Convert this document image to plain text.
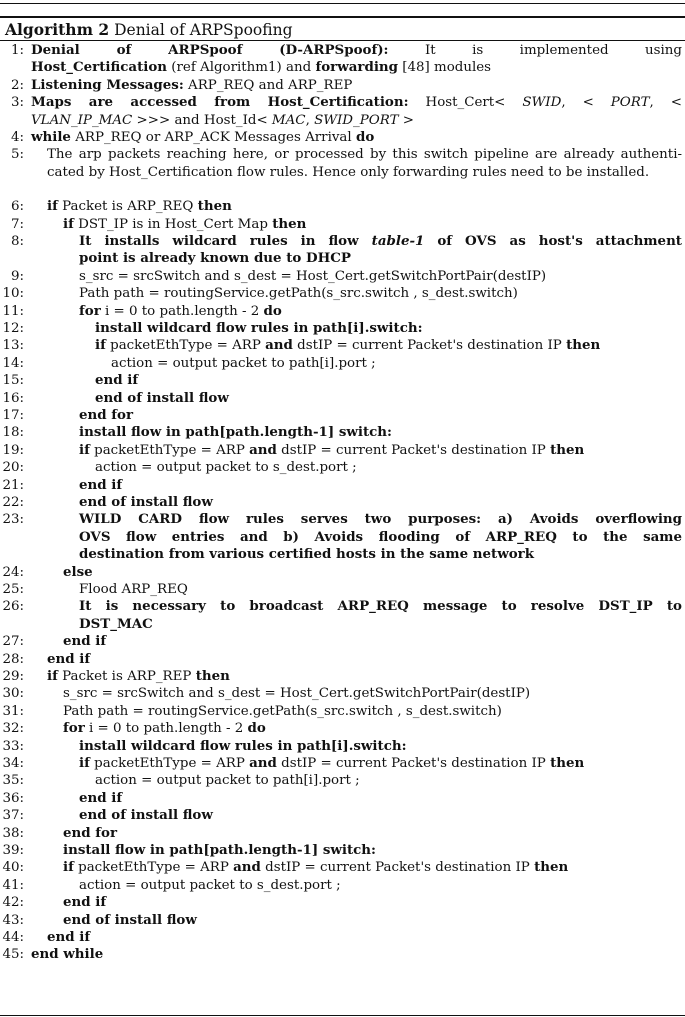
Algorithm 2 Denial of ARPSpoofing
1: Denial of ARPSpoof (D-ARPSpoof): It is implemented using
Host_Certification (ref Algorithm1) and forwarding [48] modules
2: Listening Messages: ARP_REQ and ARP_REP
3: Maps are accessed from Host_Certification: Host_Cert< SWID, < PORT, <
VLAN_IP_MAC >>> and Host_Id< MAC, SWID_PORT >
4: while ARP_REQ or ARP_ACK Messages Arrival do
5: The arp packets reaching here, or processed by this switch pipeline are already authenti-
cated by Host_Certification flow rules. Hence only forwarding rules need to be installed.
6: if Packet is ARP_REQ then
7:	if DST_IP is in Host_Cert Map then
8:	It installs wildcard rules in flow table-1 of OVS as host's attachment
point is already known due to DHCP
9:	s_src = srcSwitch and s_dest = Host_Cert.getSwitchPortPair(destIP)
10:	Path path = routingService.getPath(s_src.switch , s_dest.switch)
11:	for i = 0 to path.length - 2 do
12:	install wildcard flow rules in path[i].switch:
13:	if packetEthType = ARP and dstIP = current Packet's destination IP then
14:	action = output packet to path[i].port ;
15:	end if
16:	end of install flow
17:	end for
18:	install flow in path[path.length-1] switch:
19:	if packetEthType = ARP and dstIP = current Packet's destination IP then
20:	action = output packet to s_dest.port ;
21:	end if
22:	end of install flow
23:	WILD CARD flow rules serves two purposes: a) Avoids overflowing
OVS flow entries and b) Avoids flooding of ARP_REQ to the same
destination from various certified hosts in the same network
24:	else
25:	Flood ARP_REQ
26:	It is necessary to broadcast ARP_REQ message to resolve DST_IP to
DST_MAC
27:	end if
28: end if
29: if Packet is ARP_REP then
30:	s_src = srcSwitch and s_dest = Host_Cert.getSwitchPortPair(destIP)
31:	Path path = routingService.getPath(s_src.switch , s_dest.switch)
32:	for i = 0 to path.length - 2 do
33:	install wildcard flow rules in path[i].switch:
34:	if packetEthType = ARP and dstIP = current Packet's destination IP then
35:	action = output packet to path[i].port ;
36:	end if
37:	end of install flow
38:	end for
39:	install flow in path[path.length-1] switch:
40:	if packetEthType = ARP and dstIP = current Packet's destination IP then
41:	action = output packet to s_dest.port ;
42:	end if
43:	end of install flow
44: end if
45: end while
